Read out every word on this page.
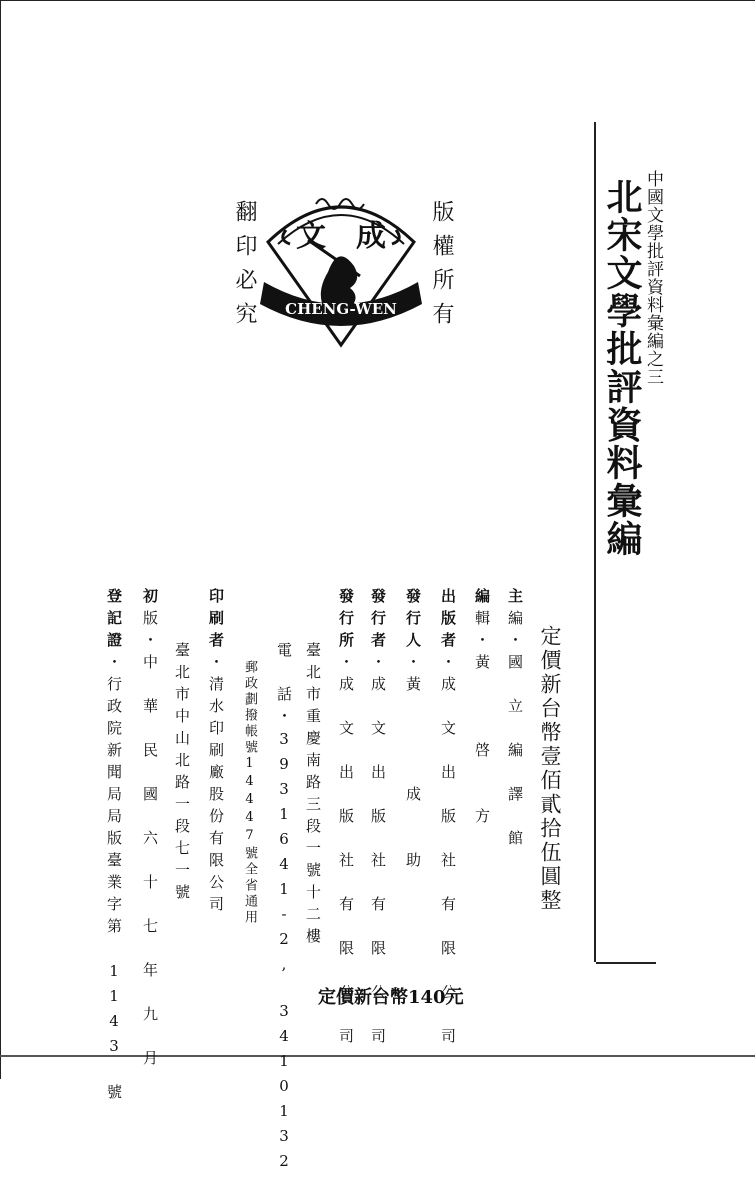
中國文學批評資料彙編之三

北宋文學批評資料彙編

版權所有

翻印必究 文 成
CHENG-WEN

定價新台幣壹佰貳拾伍圓整

主編・國　立　編　譯　館

編輯・黃　　　啓　　方

出版者・成　文　出　版　社　有　限　公　司

發行人・黃　　　　成　　助

發行者・成　文　出　版　社　有　限　公　司

發行所・成　文　出　版　社　有　限　公　司

臺北市重慶南路三段一號十二樓

電　話・3931641-2,　3410132

郵政劃撥帳號14447號全省通用

印刷者・清水印刷廠股份有限公司

臺北市中山北路一段七一號

初版・中　華　民　國　六　十　七　年　九　月

登記證・行政院新聞局局版臺業字第　1143　號	定價新台幣140元
